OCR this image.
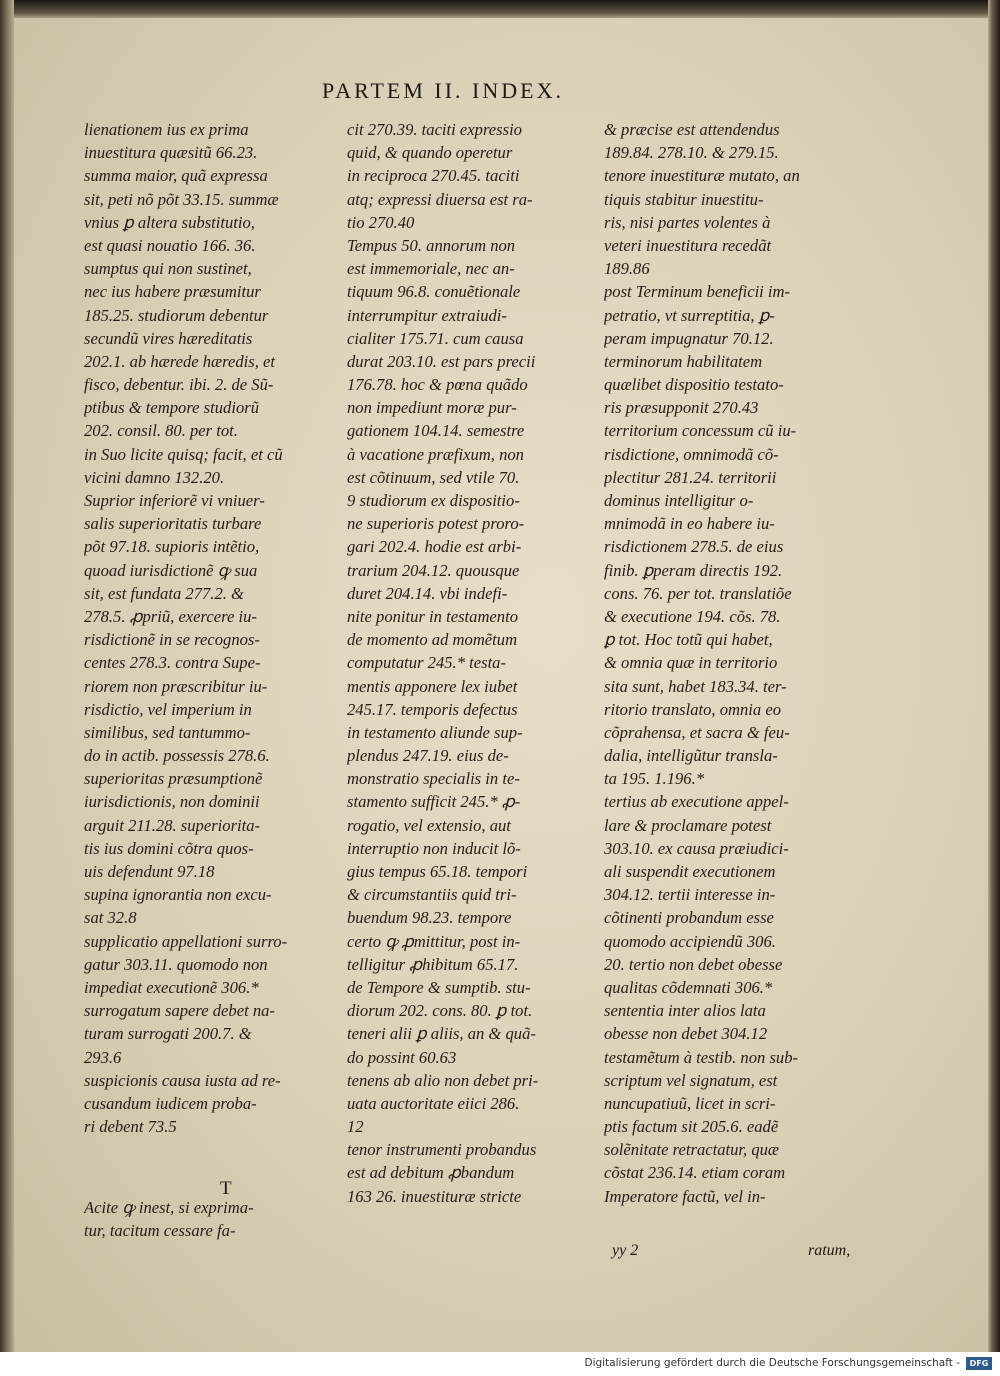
PARTEM II. INDEX.
lienationem ius ex prima
inuestitura quæsitũ 66.23.
summa maior, quã expressa
sit, peti nõ põt 33.15. summæ
vnius ꝑ altera substitutio,
est quasi nouatio 166. 36.
sumptus qui non sustinet,
nec ius habere præsumitur
185.25. studiorum debentur
secundũ vires hæreditatis
202.1. ab hærede hæredis, et
fisco, debentur. ibi. 2. de Sũ-
ptibus & tempore studiorũ
202. consil. 80. per tot.
in Suo licite quisq; facit, et cũ
vicini damno 132.20.
Suprior inferiorẽ vi vniuer-
salis superioritatis turbare
põt 97.18. supioris intẽtio,
quoad iurisdictionẽ ꝙ sua
sit, est fundata 277.2. &
278.5. ꝓpriũ, exercere iu-
risdictionẽ in se recognos-
centes 278.3. contra Supe-
riorem non præscribitur iu-
risdictio, vel imperium in
similibus, sed tantummo-
do in actib. possessis 278.6.
superioritas præsumptionẽ
iurisdictionis, non dominii
arguit 211.28. superiorita-
tis ius domini cõtra quos-
uis defendunt 97.18
supina ignorantia non excu-
sat 32.8
supplicatio appellationi surro-
gatur 303.11. quomodo non
impediat executionẽ 306.*
surrogatum sapere debet na-
turam surrogati 200.7. &
293.6
suspicionis causa iusta ad re-
cusandum iudicem proba-
ri debent 73.5
cit 270.39. taciti expressio
quid, & quando operetur
in reciproca 270.45. taciti
atq; expressi diuersa est ra-
tio 270.40
Tempus 50. annorum non
est immemoriale, nec an-
tiquum 96.8. conuẽtionale
interrumpitur extraiudi-
cialiter 175.71. cum causa
durat 203.10. est pars precii
176.78. hoc & pœna quãdo
non impediunt moræ pur-
gationem 104.14. semestre
à vacatione præfixum, non
est cõtinuum, sed vtile 70.
9 studiorum ex dispositio-
ne superioris potest proro-
gari 202.4. hodie est arbi-
trarium 204.12. quousque
duret 204.14. vbi indefi-
nite ponitur in testamento
de momento ad momẽtum
computatur 245.* testa-
mentis apponere lex iubet
245.17. temporis defectus
in testamento aliunde sup-
plendus 247.19. eius de-
monstratio specialis in te-
stamento sufficit 245.* ꝓ-
rogatio, vel extensio, aut
interruptio non inducit lõ-
gius tempus 65.18. tempori
& circumstantiis quid tri-
buendum 98.23. tempore
certo ꝙ ꝓmittitur, post in-
telligitur ꝓhibitum 65.17.
de Tempore & sumptib. stu-
diorum 202. cons. 80. ꝑ tot.
teneri alii ꝑ aliis, an & quã-
do possint 60.63
tenens ab alio non debet pri-
uata auctoritate eiici 286.
12
tenor instrumenti probandus
est ad debitum ꝓbandum
163 26. inuestituræ stricte
& præcise est attendendus
189.84. 278.10. & 279.15.
tenore inuestituræ mutato, an
tiquis stabitur inuestitu-
ris, nisi partes volentes à
veteri inuestitura recedãt
189.86
post Terminum beneficii im-
petratio, vt surreptitia, ꝑ-
peram impugnatur 70.12.
terminorum habilitatem
quælibet dispositio testato-
ris præsupponit 270.43
territorium concessum cũ iu-
risdictione, omnimodã cõ-
plectitur 281.24. territorii
dominus intelligitur o-
mnimodã in eo habere iu-
risdictionem 278.5. de eius
finib. ꝑperam directis 192.
cons. 76. per tot. translatiõe
& executione 194. cõs. 78.
ꝑ tot. Hoc totũ qui habet,
& omnia quæ in territorio
sita sunt, habet 183.34. ter-
ritorio translato, omnia eo
cõprahensa, et sacra & feu-
dalia, intelligũtur transla-
ta 195. 1.196.*
tertius ab executione appel-
lare & proclamare potest
303.10. ex causa præiudici-
ali suspendit executionem
304.12. tertii interesse in-
cõtinenti probandum esse
quomodo accipiendũ 306.
20. tertio non debet obesse
qualitas cõdemnati 306.*
sententia inter alios lata
obesse non debet 304.12
testamẽtum à testib. non sub-
scriptum vel signatum, est
nuncupatiuũ, licet in scri-
ptis factum sit 205.6. eadẽ
solẽnitate retractatur, quæ
cõstat 236.14. etiam coram
Imperatore factũ, vel in-
T
Acite ꝙ inest, si exprima-
tur, tacitum cessare fa-
yy 2	ratum,
Digitalisierung gefördert durch die Deutsche Forschungsgemeinschaft -	DFG
